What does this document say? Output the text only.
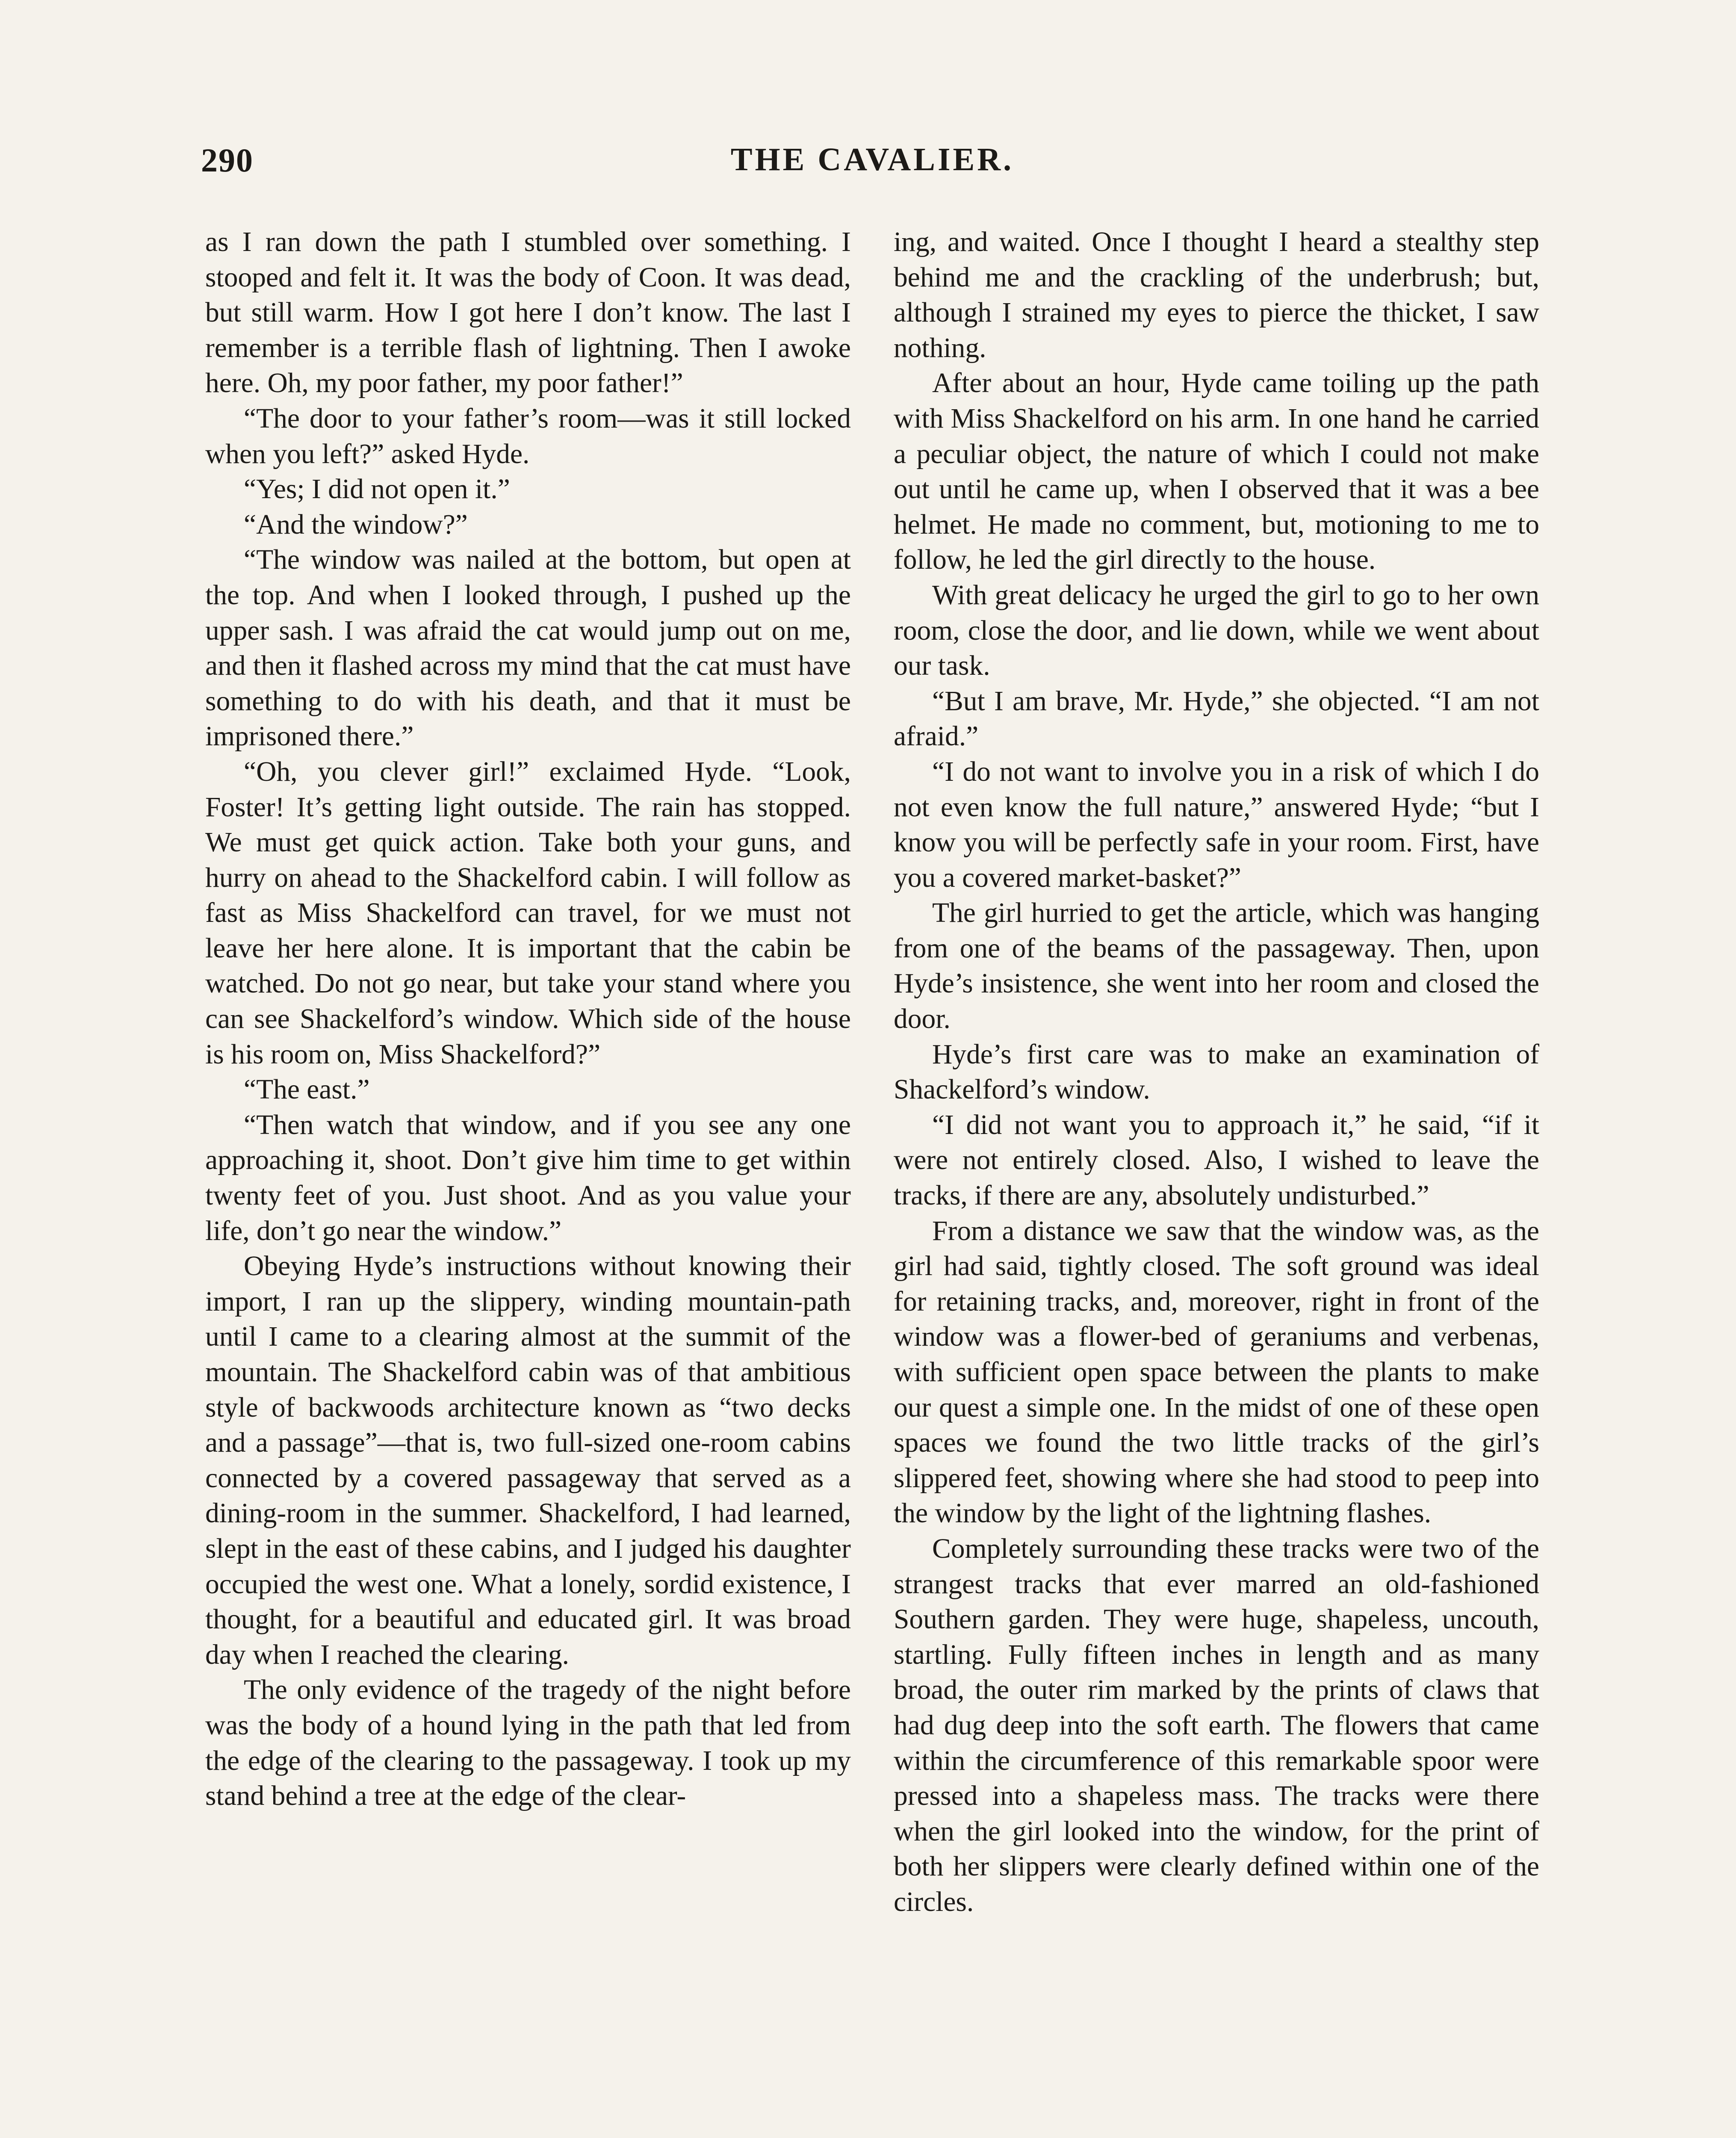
290	THE CAVALIER.

as I ran down the path I stumbled over something. I stooped and felt it. It was the body of Coon. It was dead, but still warm. How I got here I don’t know. The last I remember is a terrible flash of lightning. Then I awoke here. Oh, my poor father, my poor father!”

“The door to your father’s room—was it still locked when you left?” asked Hyde.

“Yes; I did not open it.”

“And the window?”

“The window was nailed at the bottom, but open at the top. And when I looked through, I pushed up the upper sash. I was afraid the cat would jump out on me, and then it flashed across my mind that the cat must have something to do with his death, and that it must be imprisoned there.”

“Oh, you clever girl!” exclaimed Hyde. “Look, Foster! It’s getting light outside. The rain has stopped. We must get quick action. Take both your guns, and hurry on ahead to the Shackelford cabin. I will follow as fast as Miss Shackelford can travel, for we must not leave her here alone. It is important that the cabin be watched. Do not go near, but take your stand where you can see Shackelford’s window. Which side of the house is his room on, Miss Shackelford?”

“The east.”

“Then watch that window, and if you see any one approaching it, shoot. Don’t give him time to get within twenty feet of you. Just shoot. And as you value your life, don’t go near the window.”

Obeying Hyde’s instructions without knowing their import, I ran up the slippery, winding mountain-path until I came to a clearing almost at the summit of the mountain. The Shackelford cabin was of that ambitious style of backwoods architecture known as “two decks and a passage”—that is, two full-sized one-room cabins connected by a covered passageway that served as a dining-room in the summer. Shackelford, I had learned, slept in the east of these cabins, and I judged his daughter occupied the west one. What a lonely, sordid existence, I thought, for a beautiful and educated girl. It was broad day when I reached the clearing.

The only evidence of the tragedy of the night before was the body of a hound lying in the path that led from the edge of the clearing to the passageway. I took up my stand behind a tree at the edge of the clear-

ing, and waited. Once I thought I heard a stealthy step behind me and the crackling of the underbrush; but, although I strained my eyes to pierce the thicket, I saw nothing.

After about an hour, Hyde came toiling up the path with Miss Shackelford on his arm. In one hand he carried a peculiar object, the nature of which I could not make out until he came up, when I observed that it was a bee helmet. He made no comment, but, motioning to me to follow, he led the girl directly to the house.

With great delicacy he urged the girl to go to her own room, close the door, and lie down, while we went about our task.

“But I am brave, Mr. Hyde,” she objected. “I am not afraid.”

“I do not want to involve you in a risk of which I do not even know the full nature,” answered Hyde; “but I know you will be perfectly safe in your room. First, have you a covered market-basket?”

The girl hurried to get the article, which was hanging from one of the beams of the passageway. Then, upon Hyde’s insistence, she went into her room and closed the door.

Hyde’s first care was to make an examination of Shackelford’s window.

“I did not want you to approach it,” he said, “if it were not entirely closed. Also, I wished to leave the tracks, if there are any, absolutely undisturbed.”

From a distance we saw that the window was, as the girl had said, tightly closed. The soft ground was ideal for retaining tracks, and, moreover, right in front of the window was a flower-bed of geraniums and verbenas, with sufficient open space between the plants to make our quest a simple one. In the midst of one of these open spaces we found the two little tracks of the girl’s slippered feet, showing where she had stood to peep into the window by the light of the lightning flashes.

Completely surrounding these tracks were two of the strangest tracks that ever marred an old-fashioned Southern garden. They were huge, shapeless, uncouth, startling. Fully fifteen inches in length and as many broad, the outer rim marked by the prints of claws that had dug deep into the soft earth. The flowers that came within the circumference of this remarkable spoor were pressed into a shapeless mass. The tracks were there when the girl looked into the window, for the print of both her slippers were clearly defined within one of the circles.
